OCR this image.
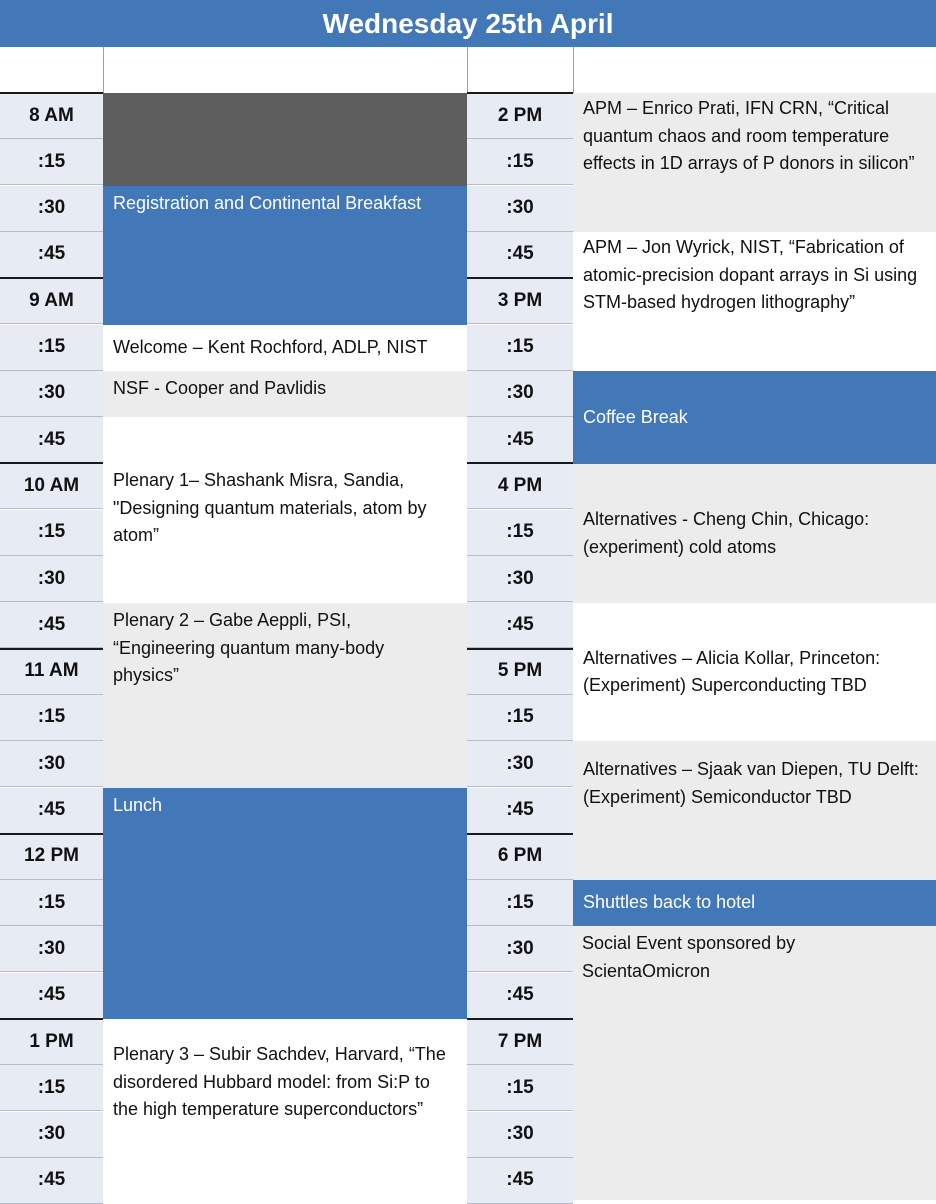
Wednesday 25th April
8 AM
:15
:30
:45
9 AM
:15
:30
:45
10 AM
:15
:30
:45
11 AM
:15
:30
:45
12 PM
:15
:30
:45
1 PM
:15
:30
:45
2 PM
:15
:30
:45
3 PM
:15
:30
:45
4 PM
:15
:30
:45
5 PM
:15
:30
:45
6 PM
:15
:30
:45
7 PM
:15
:30
:45
Registration and Continental Breakfast
Welcome – Kent Rochford, ADLP, NIST
NSF - Cooper and Pavlidis
Plenary 1– Shashank Misra, Sandia, "Designing quantum materials, atom by atom”
Plenary 2 – Gabe Aeppli, PSI, “Engineering quantum many-body physics”
Lunch
Plenary 3 – Subir Sachdev, Harvard, “The disordered Hubbard model: from Si:P to the high temperature superconductors”
APM – Enrico Prati, IFN CRN, “Critical quantum chaos and room temperature effects in 1D arrays of P donors in silicon”
APM – Jon Wyrick, NIST, “Fabrication of atomic-precision dopant arrays in Si using STM-based hydrogen lithography”
Coffee Break
Alternatives - Cheng Chin, Chicago: (experiment) cold atoms
Alternatives – Alicia Kollar, Princeton: (Experiment) Superconducting TBD
Alternatives – Sjaak van Diepen, TU Delft: (Experiment) Semiconductor TBD
Shuttles back to hotel
Social Event sponsored by ScientaOmicron
